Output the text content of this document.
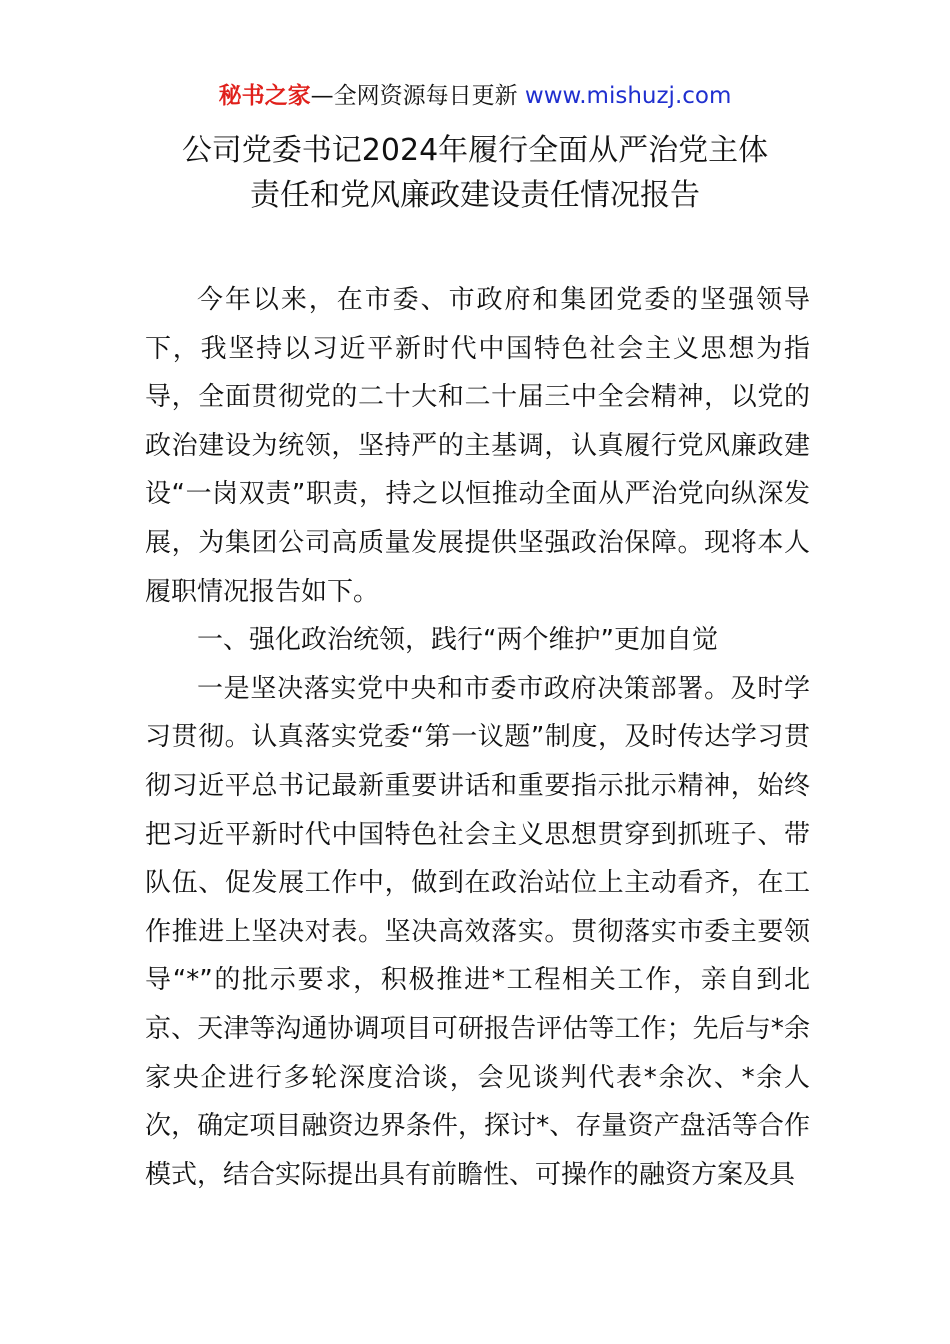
秘书之家—全网资源每日更新 www.mishuzj.com
公司党委书记2024年履行全面从严治党主体
责任和党风廉政建设责任情况报告

今年以来，在市委、市政府和集团党委的坚强领导下，我坚持以习近平新时代中国特色社会主义思想为指导，全面贯彻党的二十大和二十届三中全会精神，以党的政治建设为统领，坚持严的主基调，认真履行党风廉政建设“一岗双责”职责，持之以恒推动全面从严治党向纵深发展，为集团公司高质量发展提供坚强政治保障。现将本人履职情况报告如下。

一、强化政治统领，践行“两个维护”更加自觉

一是坚决落实党中央和市委市政府决策部署。及时学习贯彻。认真落实党委“第一议题”制度，及时传达学习贯彻习近平总书记最新重要讲话和重要指示批示精神，始终把习近平新时代中国特色社会主义思想贯穿到抓班子、带队伍、促发展工作中，做到在政治站位上主动看齐，在工作推进上坚决对表。坚决高效落实。贯彻落实市委主要领导“*”的批示要求，积极推进*工程相关工作，亲自到北京、天津等沟通协调项目可研报告评估等工作；先后与*余家央企进行多轮深度洽谈，会见谈判代表*余次、*余人次，确定项目融资边界条件，探讨*、存量资产盘活等合作模式，结合实际提出具有前瞻性、可操作的融资方案及具
